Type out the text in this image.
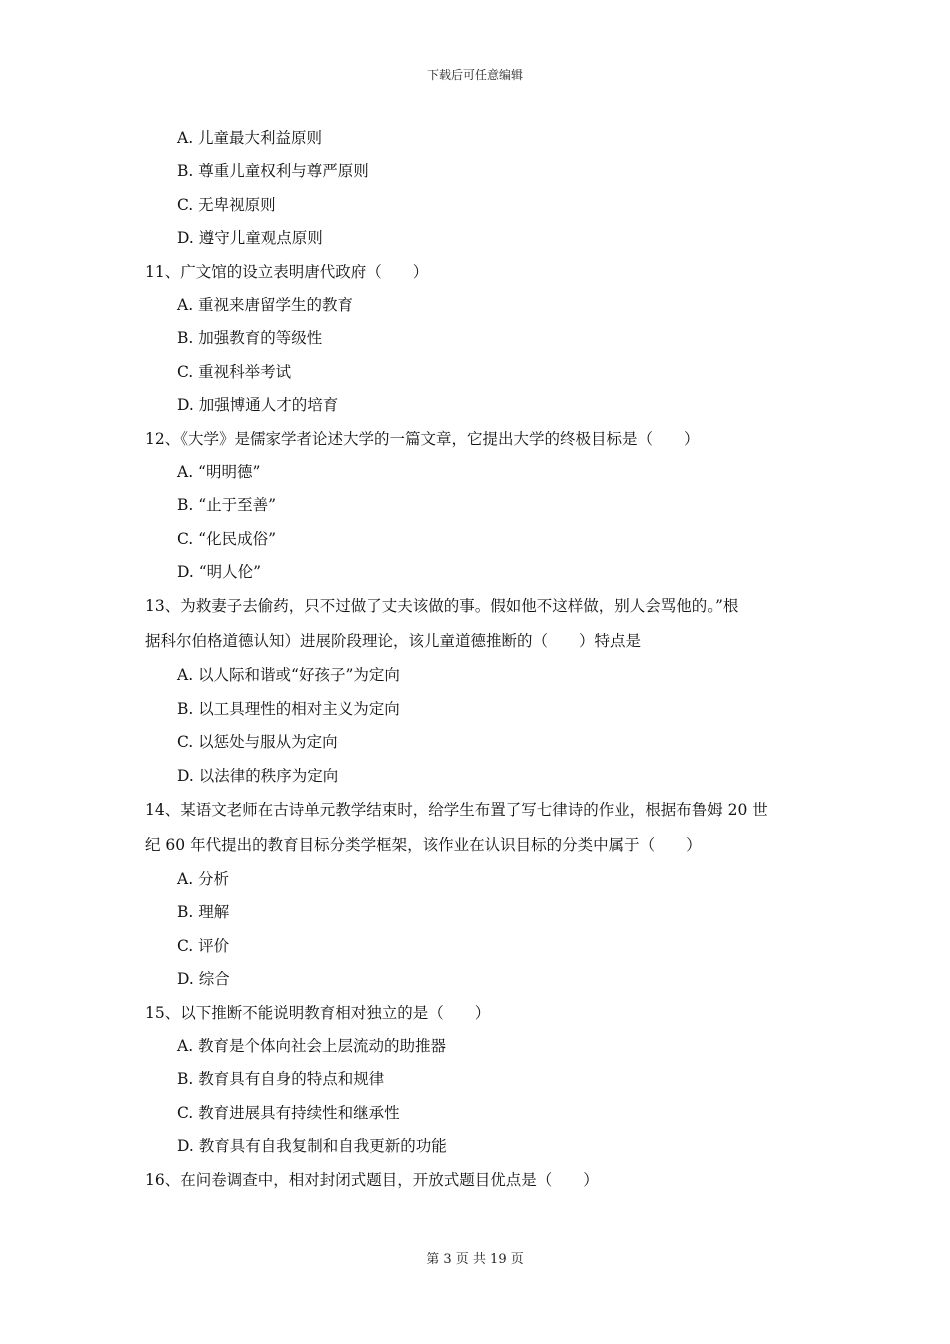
下载后可任意编辑
A. 儿童最大利益原则
B. 尊重儿童权利与尊严原则
C. 无卑视原则
D. 遵守儿童观点原则
11、广文馆的设立表明唐代政府（　　）
A. 重视来唐留学生的教育
B. 加强教育的等级性
C. 重视科举考试
D. 加强博通人才的培育
12、《大学》是儒家学者论述大学的一篇文章，它提出大学的终极目标是（　　）
A. “明明德”
B. “止于至善”
C. “化民成俗”
D. “明人伦”
13、为救妻子去偷药，只不过做了丈夫该做的事。假如他不这样做，别人会骂他的。”根
据科尔伯格道德认知）进展阶段理论，该儿童道德推断的（　　）特点是
A. 以人际和谐或“好孩子”为定向
B. 以工具理性的相对主义为定向
C. 以惩处与服从为定向
D. 以法律的秩序为定向
14、某语文老师在古诗单元教学结束时，给学生布置了写七律诗的作业，根据布鲁姆 20 世
纪 60 年代提出的教育目标分类学框架，该作业在认识目标的分类中属于（　　）
A. 分析
B. 理解
C. 评价
D. 综合
15、以下推断不能说明教育相对独立的是（　　）
A. 教育是个体向社会上层流动的助推器
B. 教育具有自身的特点和规律
C. 教育进展具有持续性和继承性
D. 教育具有自我复制和自我更新的功能
16、在问卷调查中，相对封闭式题目，开放式题目优点是（　　）
第 3 页 共 19 页
